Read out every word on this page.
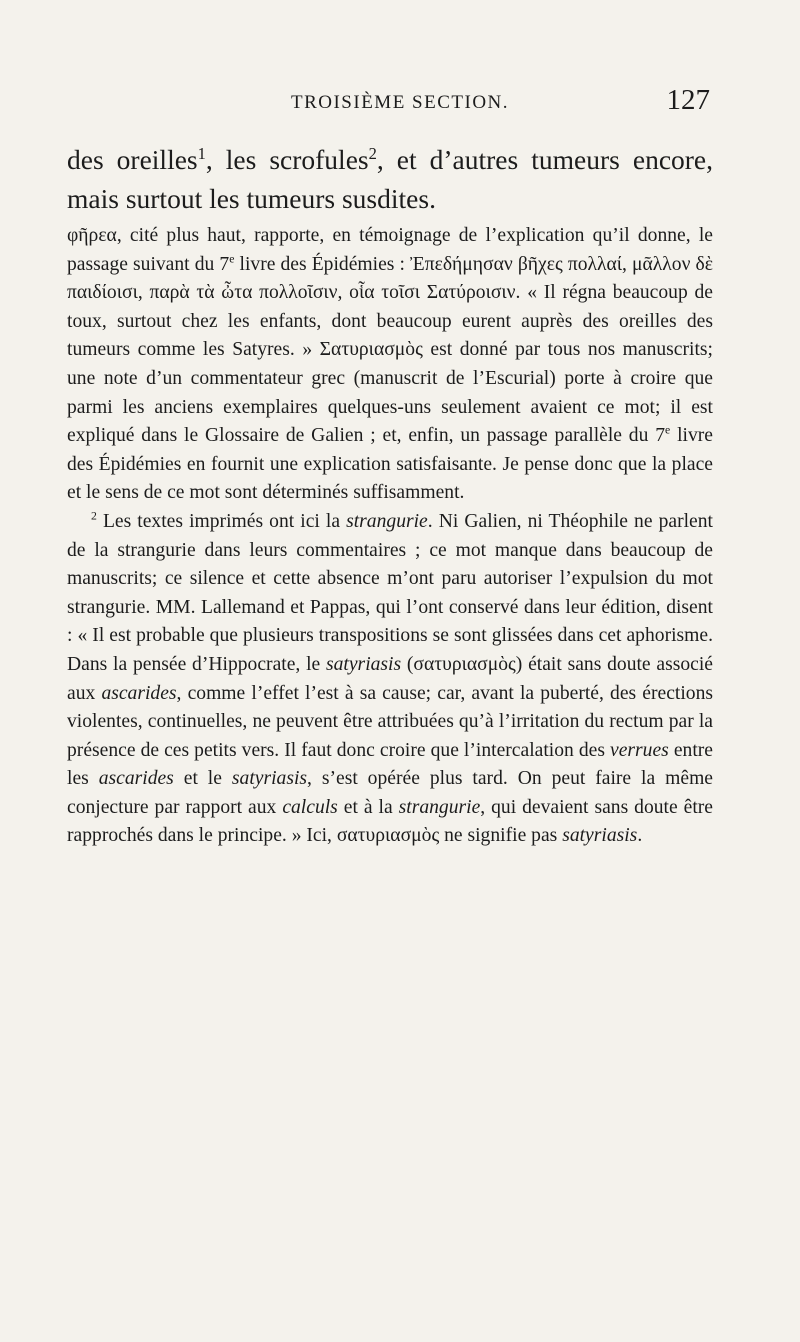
TROISIÈME SECTION.	127

des oreilles$^1$, les scrofules$^2$, et d’autres tumeurs encore, mais surtout les tumeurs susdites.

φῆρεα, cité plus haut, rapporte, en témoignage de l’explication qu’il donne, le passage suivant du 7e livre des Épidémies : Ἐπεδήμησαν βῆχες πολλαί, μᾶλλον δὲ παιδίοισι, παρὰ τὰ ὦτα πολλοῖσιν, οἷα τοῖσι Σατύροισιν. « Il régna beaucoup de toux, surtout chez les enfants, dont beaucoup eurent auprès des oreilles des tumeurs comme les Satyres. » Σατυριασμὸς est donné par tous nos manuscrits; une note d’un commentateur grec (manuscrit de l’Escurial) porte à croire que parmi les anciens exemplaires quelques-uns seulement avaient ce mot; il est expliqué dans le Glossaire de Galien ; et, enfin, un passage parallèle du 7e livre des Épidémies en fournit une explication satisfaisante. Je pense donc que la place et le sens de ce mot sont déterminés suffisamment.

$^2$ Les textes imprimés ont ici la strangurie. Ni Galien, ni Théophile ne parlent de la strangurie dans leurs commentaires ; ce mot manque dans beaucoup de manuscrits; ce silence et cette absence m’ont paru autoriser l’expulsion du mot strangurie. MM. Lallemand et Pappas, qui l’ont conservé dans leur édition, disent : « Il est probable que plusieurs transpositions se sont glissées dans cet aphorisme. Dans la pensée d’Hippocrate, le satyriasis (σατυριασμὸς) était sans doute associé aux ascarides, comme l’effet l’est à sa cause; car, avant la puberté, des érections violentes, continuelles, ne peuvent être attribuées qu’à l’irritation du rectum par la présence de ces petits vers. Il faut donc croire que l’intercalation des verrues entre les ascarides et le satyriasis, s’est opérée plus tard. On peut faire la même conjecture par rapport aux calculs et à la strangurie, qui devaient sans doute être rapprochés dans le principe. » Ici, σατυριασμὸς ne signifie pas satyriasis.
